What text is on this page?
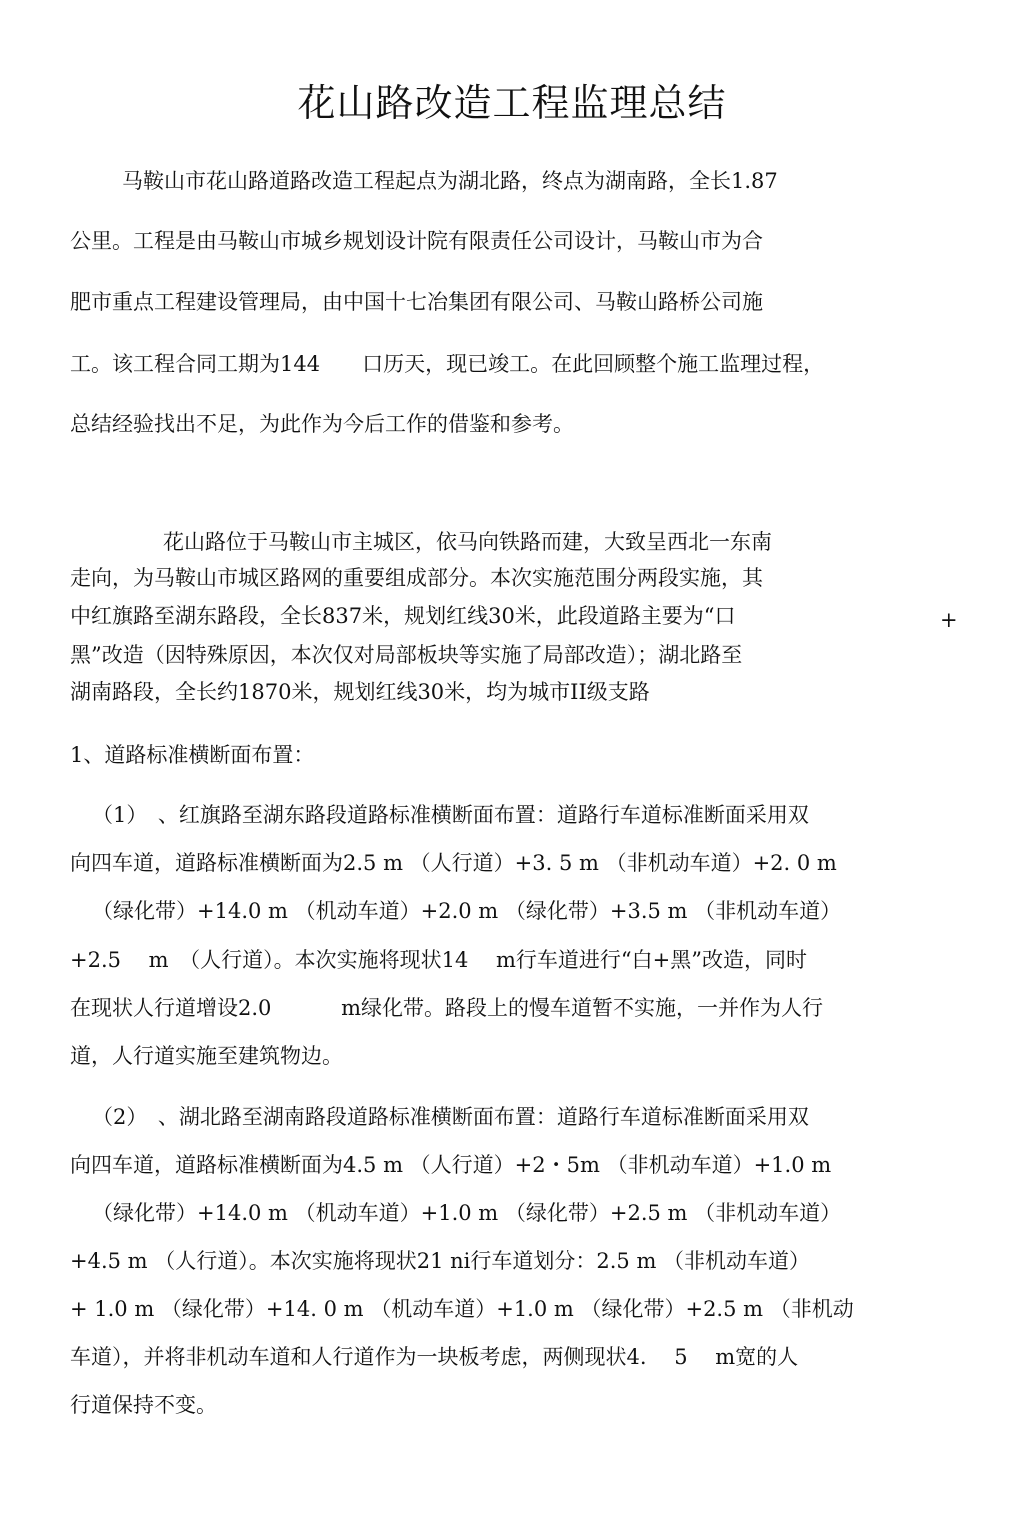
花山路改造工程监理总结
马鞍山市花山路道路改造工程起点为湖北路，终点为湖南路，全长1.87
公里。工程是由马鞍山市城乡规划设计院有限责任公司设计，马鞍山市为合
肥市重点工程建设管理局，由中国十七冶集团有限公司、马鞍山路桥公司施
工。该工程合同工期为144　　口历天，现已竣工。在此回顾整个施工监理过程，
总结经验找出不足，为此作为今后工作的借鉴和参考。
花山路位于马鞍山市主城区，依马向铁路而建，大致呈西北一东南
走向，为马鞍山市城区路网的重要组成部分。本次实施范围分两段实施，其
中红旗路至湖东路段，全长837米，规划红线30米，此段道路主要为“口	+
黑”改造（因特殊原因，本次仅对局部板块等实施了局部改造）；湖北路至
湖南路段，全长约1870米，规划红线30米，均为城市II级支路
1、道路标准横断面布置：
（1）　、红旗路至湖东路段道路标准横断面布置：道路行车道标准断面采用双
向四车道，道路标准横断面为2.5 m （人行道）+3. 5 m （非机动车道）+2. 0 m
（绿化带）+14.0 m （机动车道）+2.0 m （绿化带）+3.5 m （非机动车道）
+2.5　 m　（人行道）。本次实施将现状14　 m行车道进行“白+黑”改造，同时
在现状人行道增设2.0　　　 m绿化带。路段上的慢车道暂不实施，一并作为人行
道，人行道实施至建筑物边。
（2）　、湖北路至湖南路段道路标准横断面布置：道路行车道标准断面采用双
向四车道，道路标准横断面为4.5 m （人行道）+2・5m （非机动车道）+1.0 m
（绿化带）+14.0 m （机动车道）+1.0 m （绿化带）+2.5 m （非机动车道）
+4.5 m （人行道）。本次实施将现状21 ni行车道划分：2.5 m （非机动车道）
+ 1.0 m （绿化带）+14. 0 m （机动车道）+1.0 m （绿化带）+2.5 m （非机动
车道），并将非机动车道和人行道作为一块板考虑，两侧现状4.　 5　 m宽的人
行道保持不变。
